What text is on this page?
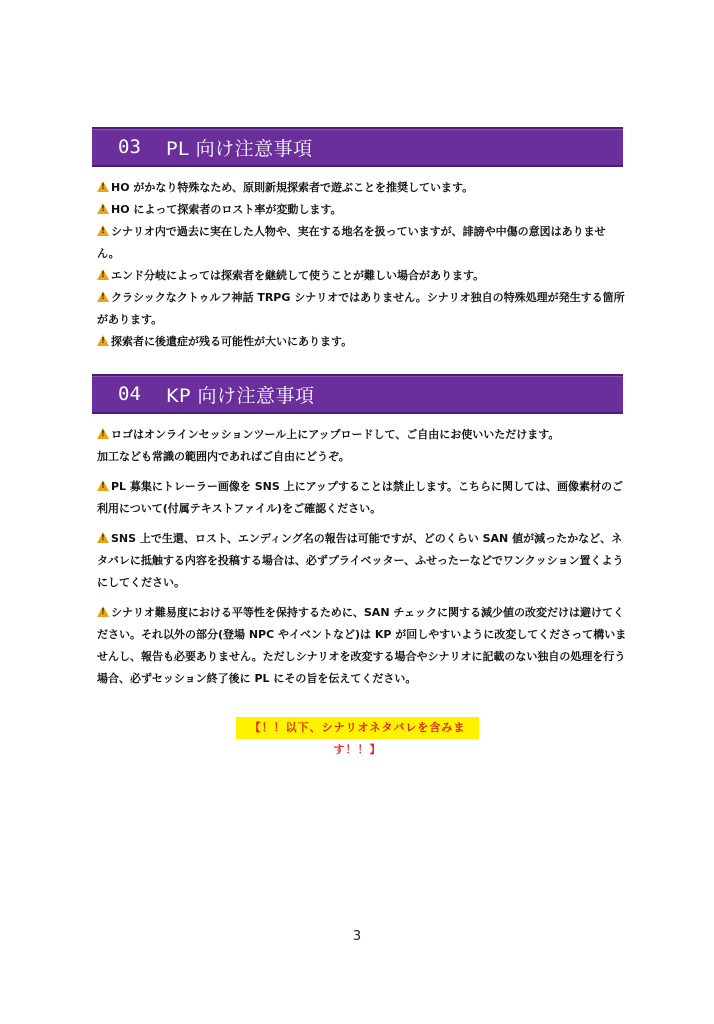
03	PL 向け注意事項

!HO がかなり特殊なため、原則新規探索者で遊ぶことを推奨しています。

!HO によって探索者のロスト率が変動します。

!シナリオ内で過去に実在した人物や、実在する地名を扱っていますが、誹謗や中傷の意図はありません。

!エンド分岐によっては探索者を継続して使うことが難しい場合があります。

!クラシックなクトゥルフ神話 TRPG シナリオではありません。シナリオ独自の特殊処理が発生する箇所があります。

!探索者に後遺症が残る可能性が大いにあります。

04	KP 向け注意事項

!ロゴはオンラインセッションツール上にアップロードして、ご自由にお使いいただけます。
加工なども常識の範囲内であればご自由にどうぞ。

!PL 募集にトレーラー画像を SNS 上にアップすることは禁止します。こちらに関しては、画像素材のご利用について(付属テキストファイル)をご確認ください。

!SNS 上で生還、ロスト、エンディング名の報告は可能ですが、どのくらい SAN 値が減ったかなど、ネタバレに抵触する内容を投稿する場合は、必ずプライベッター、ふせったーなどでワンクッション置くようにしてください。

!シナリオ難易度における平等性を保持するために、SAN チェックに関する減少値の改変だけは避けてください。それ以外の部分(登場 NPC やイベントなど)は KP が回しやすいように改変してくださって構いませんし、報告も必要ありません。ただしシナリオを改変する場合やシナリオに記載のない独自の処理を行う場合、必ずセッション終了後に PL にその旨を伝えてください。

【！！以下、シナリオネタバレを含みます！！】
3
